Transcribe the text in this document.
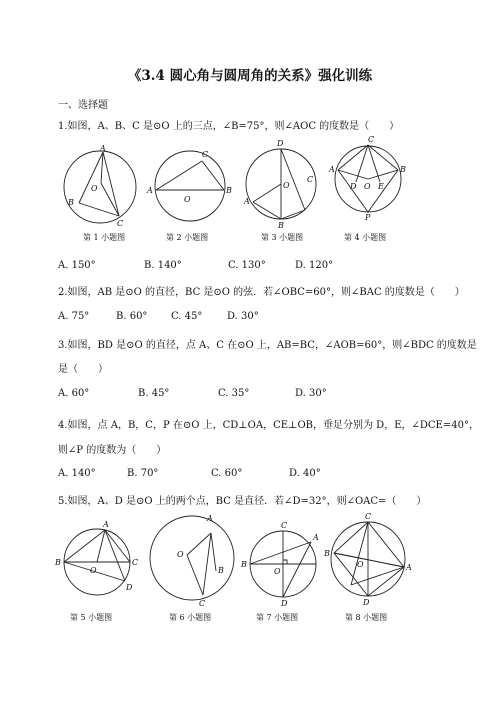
《3.4 圆心角与圆周角的关系》强化训练
一、选择题
1.如图，A、B、C 是⊙O 上的三点，∠B=75°，则∠AOC 的度数是（　　）
A
B
C
O
C
A	B
O
D
C
A
O
B
C
A	B
D O E
P
第 1 小题图	第 2 小题图	第 3 小题图	第 4 小题图
A. 150°	B. 140°	C. 130°	D. 120°
2.如图，AB 是⊙O 的直径，BC 是⊙O 的弦．若∠OBC=60°，则∠BAC 的度数是（　　）
A. 75°	B. 60° C. 45° D. 30°
3.如图，BD 是⊙O 的直径，点 A、C 在⊙O 上，AB=BC，∠AOB=60°，则∠BDC 的度数是
是（　　）
A. 60°	B. 45°	C. 35°	D. 30°
4.如图，点 A，B，C，P 在⊙O 上，CD⊥OA，CE⊥OB，垂足分别为 D，E，∠DCE=40°，
则∠P 的度数为（　　）
A. 140°	B. 70°	C. 60°	D. 40°
5.如图，A、D 是⊙O 上的两个点，BC 是直径．若∠D=32°，则∠OAC=（　　）
A
B	C
D
O
A
B
C
O
C
A
B
O
D
C
B
A
O
D
第 5 小题图	第 6 小题图	第 7 小题图	第 8 小题图
